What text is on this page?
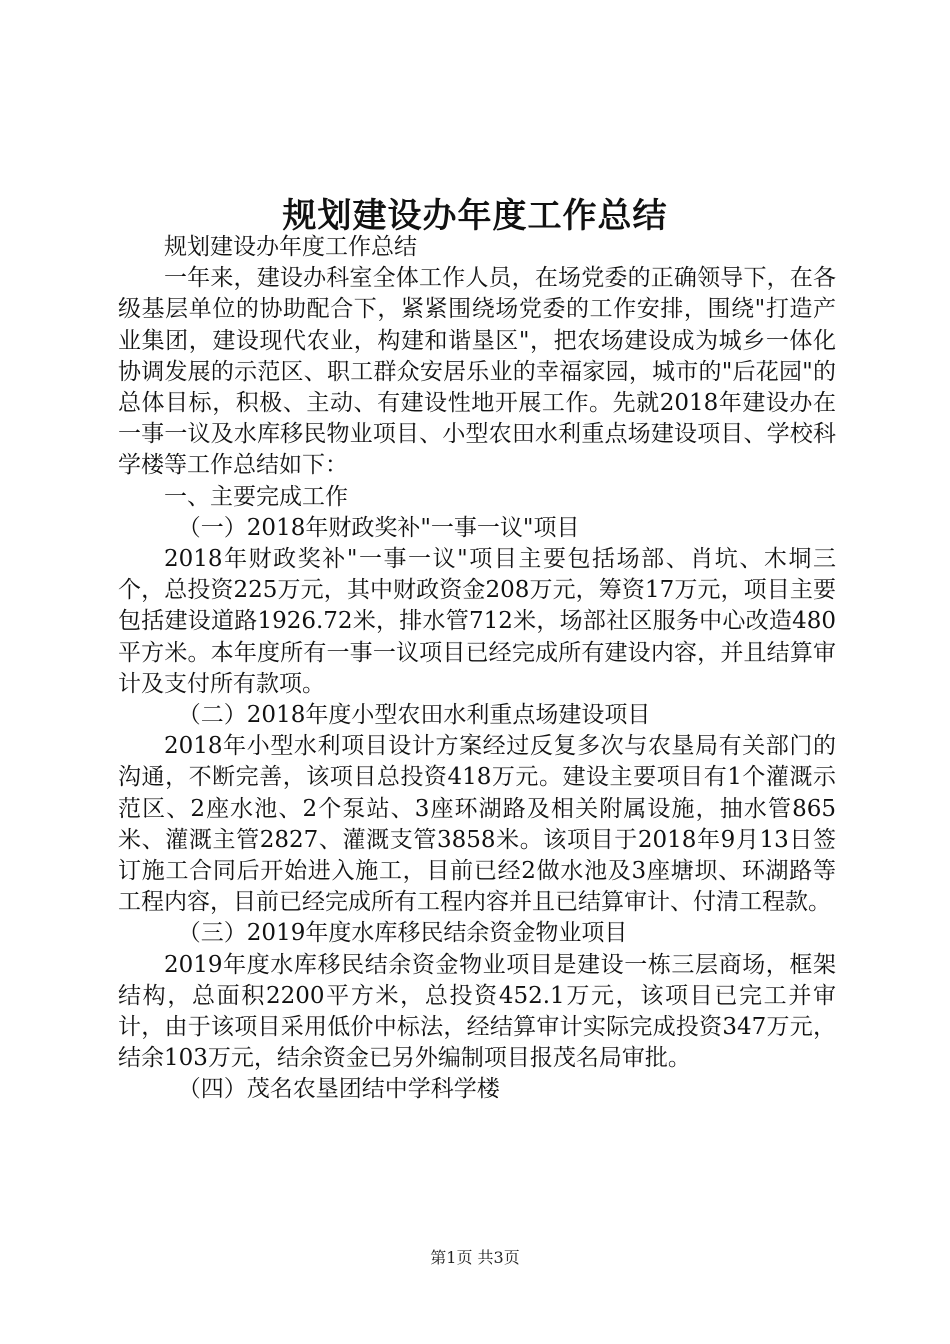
规划建设办年度工作总结

规划建设办年度工作总结

一年来，建设办科室全体工作人员，在场党委的正确领导下，在各级基层单位的协助配合下，紧紧围绕场党委的工作安排，围绕"打造产业集团，建设现代农业，构建和谐垦区"，把农场建设成为城乡一体化协调发展的示范区、职工群众安居乐业的幸福家园，城市的"后花园"的总体目标，积极、主动、有建设性地开展工作。先就2018年建设办在一事一议及水库移民物业项目、小型农田水利重点场建设项目、学校科学楼等工作总结如下：

一、主要完成工作

（一）2018年财政奖补"一事一议"项目

2018年财政奖补"一事一议"项目主要包括场部、肖坑、木垌三个，总投资225万元，其中财政资金208万元，筹资17万元，项目主要包括建设道路1926.72米，排水管712米，场部社区服务中心改造480平方米。本年度所有一事一议项目已经完成所有建设内容，并且结算审计及支付所有款项。

（二）2018年度小型农田水利重点场建设项目

2018年小型水利项目设计方案经过反复多次与农垦局有关部门的沟通，不断完善，该项目总投资418万元。建设主要项目有1个灌溉示范区、2座水池、2个泵站、3座环湖路及相关附属设施，抽水管865米、灌溉主管2827、灌溉支管3858米。该项目于2018年9月13日签订施工合同后开始进入施工，目前已经2做水池及3座塘坝、环湖路等工程内容，目前已经完成所有工程内容并且已结算审计、付清工程款。

（三）2019年度水库移民结余资金物业项目

2019年度水库移民结余资金物业项目是建设一栋三层商场，框架结构，总面积2200平方米，总投资452.1万元，该项目已完工并审计，由于该项目采用低价中标法，经结算审计实际完成投资347万元，结余103万元，结余资金已另外编制项目报茂名局审批。

（四）茂名农垦团结中学科学楼

第1页 共3页
